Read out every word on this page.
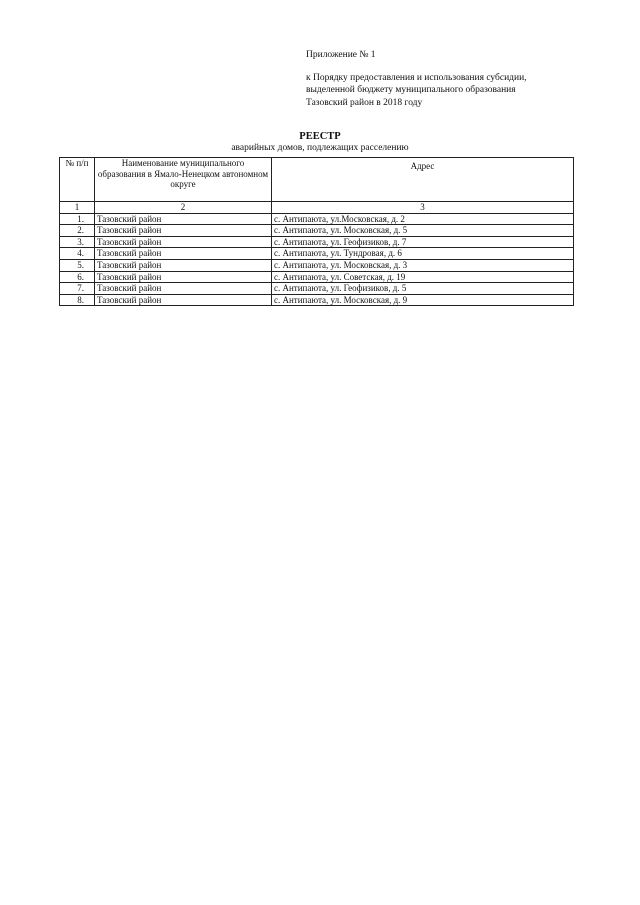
Приложение № 1
к Порядку предоставления и использования субсидии,
выделенной бюджету муниципального образования
Тазовский район в 2018 году
РЕЕСТР
аварийных домов, подлежащих расселению
№ п/п	Наименование муниципального образования в Ямало-Ненецком автономном округе	Адрес
1	2	3
1.	Тазовский район	с. Антипаюта, ул.Московская, д. 2
2.	Тазовский район	с. Антипаюта, ул. Московская, д. 5
3.	Тазовский район	с. Антипаюта, ул. Геофизиков, д. 7
4.	Тазовский район	с. Антипаюта, ул. Тундровая, д. 6
5.	Тазовский район	с. Антипаюта, ул. Московская, д. 3
6.	Тазовский район	с. Антипаюта, ул. Советская, д. 19
7.	Тазовский район	с. Антипаюта, ул. Геофизиков, д. 5
8.	Тазовский район	с. Антипаюта, ул. Московская, д. 9
